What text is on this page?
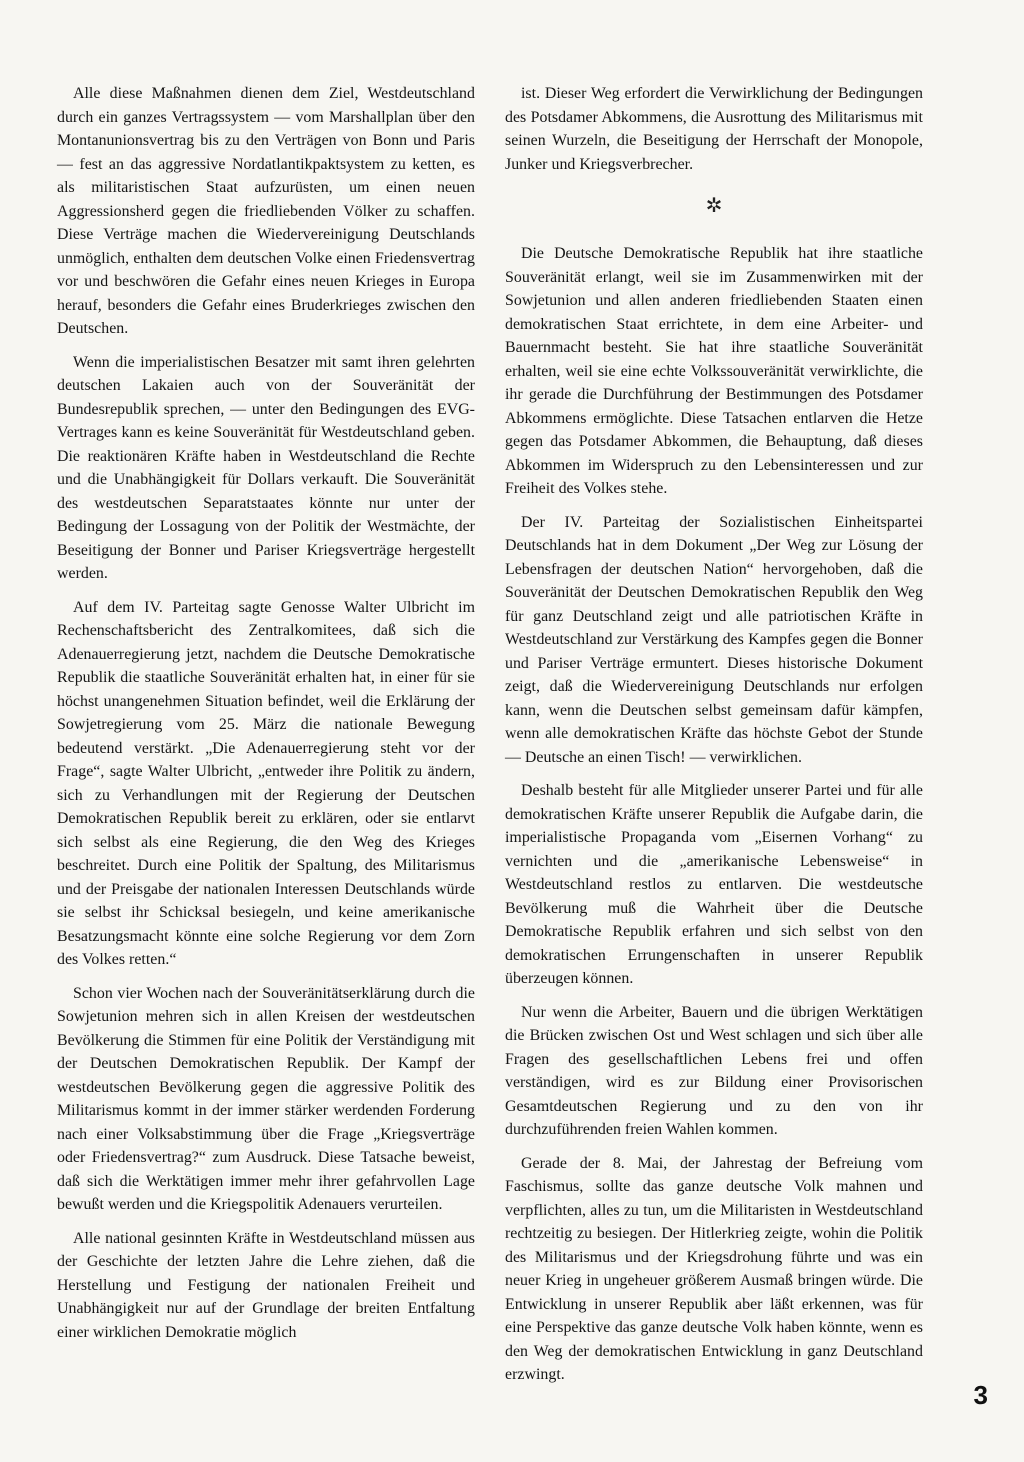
Alle diese Maßnahmen dienen dem Ziel, Westdeutschland durch ein ganzes Vertragssystem — vom Marshallplan über den Montanunionsvertrag bis zu den Verträgen von Bonn und Paris — fest an das aggressive Nordatlantikpaktsystem zu ketten, es als militaristischen Staat aufzurüsten, um einen neuen Aggressionsherd gegen die friedliebenden Völker zu schaffen. Diese Verträge machen die Wiedervereinigung Deutschlands unmöglich, enthalten dem deutschen Volke einen Friedensvertrag vor und beschwören die Gefahr eines neuen Krieges in Europa herauf, besonders die Gefahr eines Bruderkrieges zwischen den Deutschen.

Wenn die imperialistischen Besatzer mit samt ihren gelehrten deutschen Lakaien auch von der Souveränität der Bundesrepublik sprechen, — unter den Bedingungen des EVG-Vertrages kann es keine Souveränität für Westdeutschland geben. Die reaktionären Kräfte haben in Westdeutschland die Rechte und die Unabhängigkeit für Dollars verkauft. Die Souveränität des westdeutschen Separatstaates könnte nur unter der Bedingung der Lossagung von der Politik der Westmächte, der Beseitigung der Bonner und Pariser Kriegsverträge hergestellt werden.

Auf dem IV. Parteitag sagte Genosse Walter Ulbricht im Rechenschaftsbericht des Zentralkomitees, daß sich die Adenauerregierung jetzt, nachdem die Deutsche Demokratische Republik die staatliche Souveränität erhalten hat, in einer für sie höchst unangenehmen Situation befindet, weil die Erklärung der Sowjetregierung vom 25. März die nationale Bewegung bedeutend verstärkt. „Die Adenauerregierung steht vor der Frage“, sagte Walter Ulbricht, „entweder ihre Politik zu ändern, sich zu Verhandlungen mit der Regierung der Deutschen Demokratischen Republik bereit zu erklären, oder sie entlarvt sich selbst als eine Regierung, die den Weg des Krieges beschreitet. Durch eine Politik der Spaltung, des Militarismus und der Preisgabe der nationalen Interessen Deutschlands würde sie selbst ihr Schicksal besiegeln, und keine amerikanische Besatzungsmacht könnte eine solche Regierung vor dem Zorn des Volkes retten.“

Schon vier Wochen nach der Souveränitätserklärung durch die Sowjetunion mehren sich in allen Kreisen der westdeutschen Bevölkerung die Stimmen für eine Politik der Verständigung mit der Deutschen Demokratischen Republik. Der Kampf der westdeutschen Bevölkerung gegen die aggressive Politik des Militarismus kommt in der immer stärker werdenden Forderung nach einer Volksabstimmung über die Frage „Kriegsverträge oder Friedensvertrag?“ zum Ausdruck. Diese Tatsache beweist, daß sich die Werktätigen immer mehr ihrer gefahrvollen Lage bewußt werden und die Kriegspolitik Adenauers verurteilen.

Alle national gesinnten Kräfte in Westdeutschland müssen aus der Geschichte der letzten Jahre die Lehre ziehen, daß die Herstellung und Festigung der nationalen Freiheit und Unabhängigkeit nur auf der Grundlage der breiten Entfaltung einer wirklichen Demokratie möglich

ist. Dieser Weg erfordert die Verwirklichung der Bedingungen des Potsdamer Abkommens, die Ausrottung des Militarismus mit seinen Wurzeln, die Beseitigung der Herrschaft der Monopole, Junker und Kriegsverbrecher.

✲

Die Deutsche Demokratische Republik hat ihre staatliche Souveränität erlangt, weil sie im Zusammenwirken mit der Sowjetunion und allen anderen friedliebenden Staaten einen demokratischen Staat errichtete, in dem eine Arbeiter- und Bauernmacht besteht. Sie hat ihre staatliche Souveränität erhalten, weil sie eine echte Volkssouveränität verwirklichte, die ihr gerade die Durchführung der Bestimmungen des Potsdamer Abkommens ermöglichte. Diese Tatsachen entlarven die Hetze gegen das Potsdamer Abkommen, die Behauptung, daß dieses Abkommen im Widerspruch zu den Lebensinteressen und zur Freiheit des Volkes stehe.

Der IV. Parteitag der Sozialistischen Einheitspartei Deutschlands hat in dem Dokument „Der Weg zur Lösung der Lebensfragen der deutschen Nation“ hervorgehoben, daß die Souveränität der Deutschen Demokratischen Republik den Weg für ganz Deutschland zeigt und alle patriotischen Kräfte in Westdeutschland zur Verstärkung des Kampfes gegen die Bonner und Pariser Verträge ermuntert. Dieses historische Dokument zeigt, daß die Wiedervereinigung Deutschlands nur erfolgen kann, wenn die Deutschen selbst gemeinsam dafür kämpfen, wenn alle demokratischen Kräfte das höchste Gebot der Stunde — Deutsche an einen Tisch! — verwirklichen.

Deshalb besteht für alle Mitglieder unserer Partei und für alle demokratischen Kräfte unserer Republik die Aufgabe darin, die imperialistische Propaganda vom „Eisernen Vorhang“ zu vernichten und die „amerikanische Lebensweise“ in Westdeutschland restlos zu entlarven. Die westdeutsche Bevölkerung muß die Wahrheit über die Deutsche Demokratische Republik erfahren und sich selbst von den demokratischen Errungenschaften in unserer Republik überzeugen können.

Nur wenn die Arbeiter, Bauern und die übrigen Werktätigen die Brücken zwischen Ost und West schlagen und sich über alle Fragen des gesellschaftlichen Lebens frei und offen verständigen, wird es zur Bildung einer Provisorischen Gesamtdeutschen Regierung und zu den von ihr durchzuführenden freien Wahlen kommen.

Gerade der 8. Mai, der Jahrestag der Befreiung vom Faschismus, sollte das ganze deutsche Volk mahnen und verpflichten, alles zu tun, um die Militaristen in Westdeutschland rechtzeitig zu besiegen. Der Hitlerkrieg zeigte, wohin die Politik des Militarismus und der Kriegsdrohung führte und was ein neuer Krieg in ungeheuer größerem Ausmaß bringen würde. Die Entwicklung in unserer Republik aber läßt erkennen, was für eine Perspektive das ganze deutsche Volk haben könnte, wenn es den Weg der demokratischen Entwicklung in ganz Deutschland erzwingt.

3
